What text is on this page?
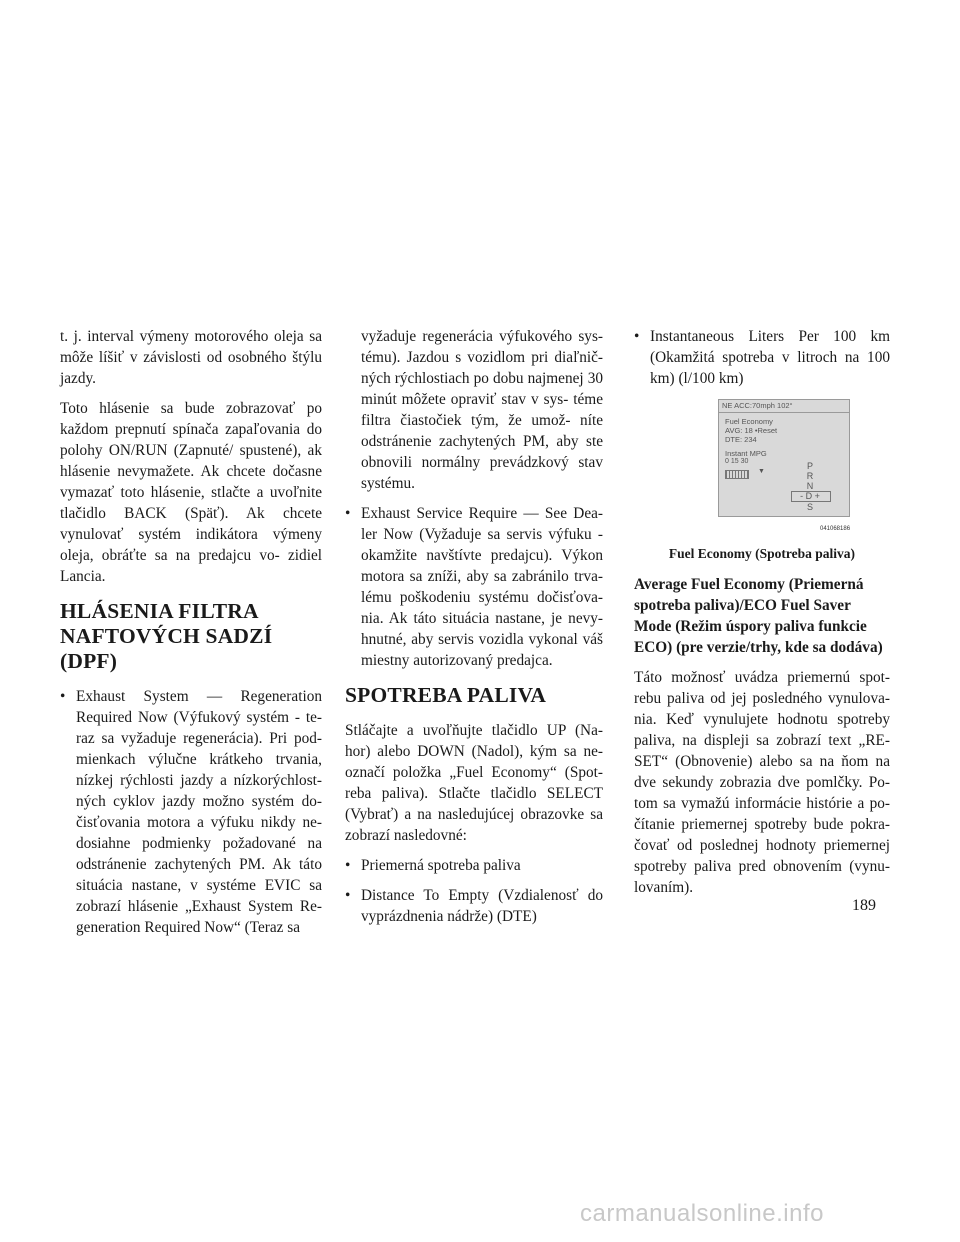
t. j. interval výmeny motorového oleja sa môže líšiť v závislosti od osobného štýlu jazdy.

Toto hlásenie sa bude zobrazovať po každom prepnutí spínača zapaľovania do polohy ON/RUN (Zapnuté/ spustené), ak hlásenie nevymažete. Ak chcete dočasne vymazať toto hlásenie, stlačte a uvoľnite tlačidlo BACK (Späť). Ak chcete vynulovať systém indikátora výmeny oleja, obráťte sa na predajcu vo- zidiel Lancia.

HLÁSENIA FILTRA NAFTOVÝCH SADZÍ (DPF)
• Exhaust System — Regeneration Required Now (Výfukový systém - te- raz sa vyžaduje regenerácia). Pri pod- mienkach výlučne krátkeho trvania, nízkej rýchlosti jazdy a nízkorýchlost- ných cyklov jazdy možno systém do- čisťovania motora a výfuku nikdy ne- dosiahne podmienky požadované na odstránenie zachytených PM. Ak táto situácia nastane, v systéme EVIC sa zobrazí hlásenie „Exhaust System Re- generation Required Now“ (Teraz sa

vyžaduje regenerácia výfukového sys- tému). Jazdou s vozidlom pri diaľnič- ných rýchlostiach po dobu najmenej 30 minút môžete opraviť stav v sys- téme filtra čiastočiek tým, že umož- níte odstránenie zachytených PM, aby ste obnovili normálny prevádzkový stav systému.

• Exhaust Service Require — See Dea- ler Now (Vyžaduje sa servis výfuku - okamžite navštívte predajcu). Výkon motora sa zníži, aby sa zabránilo trva- lému poškodeniu systému dočisťova- nia. Ak táto situácia nastane, je nevy- hnutné, aby servis vozidla vykonal váš miestny autorizovaný predajca.
SPOTREBA PALIVA

Stláčajte a uvoľňujte tlačidlo UP (Na- hor) alebo DOWN (Nadol), kým sa ne- označí položka „Fuel Economy“ (Spot- reba paliva). Stlačte tlačidlo SELECT (Vybrať) a na nasledujúcej obrazovke sa zobrazí nasledovné:

• Priemerná spotreba paliva
• Distance To Empty (Vzdialenosť do vyprázdnenia nádrže) (DTE)
• Instantaneous Liters Per 100 km (Okamžitá spotreba v litroch na 100 km) (l/100 km)
NE ACC:70mph 102°
Fuel Economy
AVG: 18 •Reset
DTE: 234
Instant MPG
0 15 30
▼
P
R
N
- D +
S
041068186
Fuel Economy (Spotreba paliva)
Average Fuel Economy (Priemerná spotreba paliva)/ECO Fuel Saver Mode (Režim úspory paliva funkcie ECO) (pre verzie/trhy, kde sa dodáva)

Táto možnosť uvádza priemernú spot- rebu paliva od jej posledného vynulova- nia. Keď vynulujete hodnotu spotreby paliva, na displeji sa zobrazí text „RE- SET“ (Obnovenie) alebo sa na ňom na dve sekundy zobrazia dve pomlčky. Po- tom sa vymažú informácie histórie a po- čítanie priemernej spotreby bude pokra- čovať od poslednej hodnoty priemernej spotreby paliva pred obnovením (vynu- lovaním).

189
carmanualsonline.info
